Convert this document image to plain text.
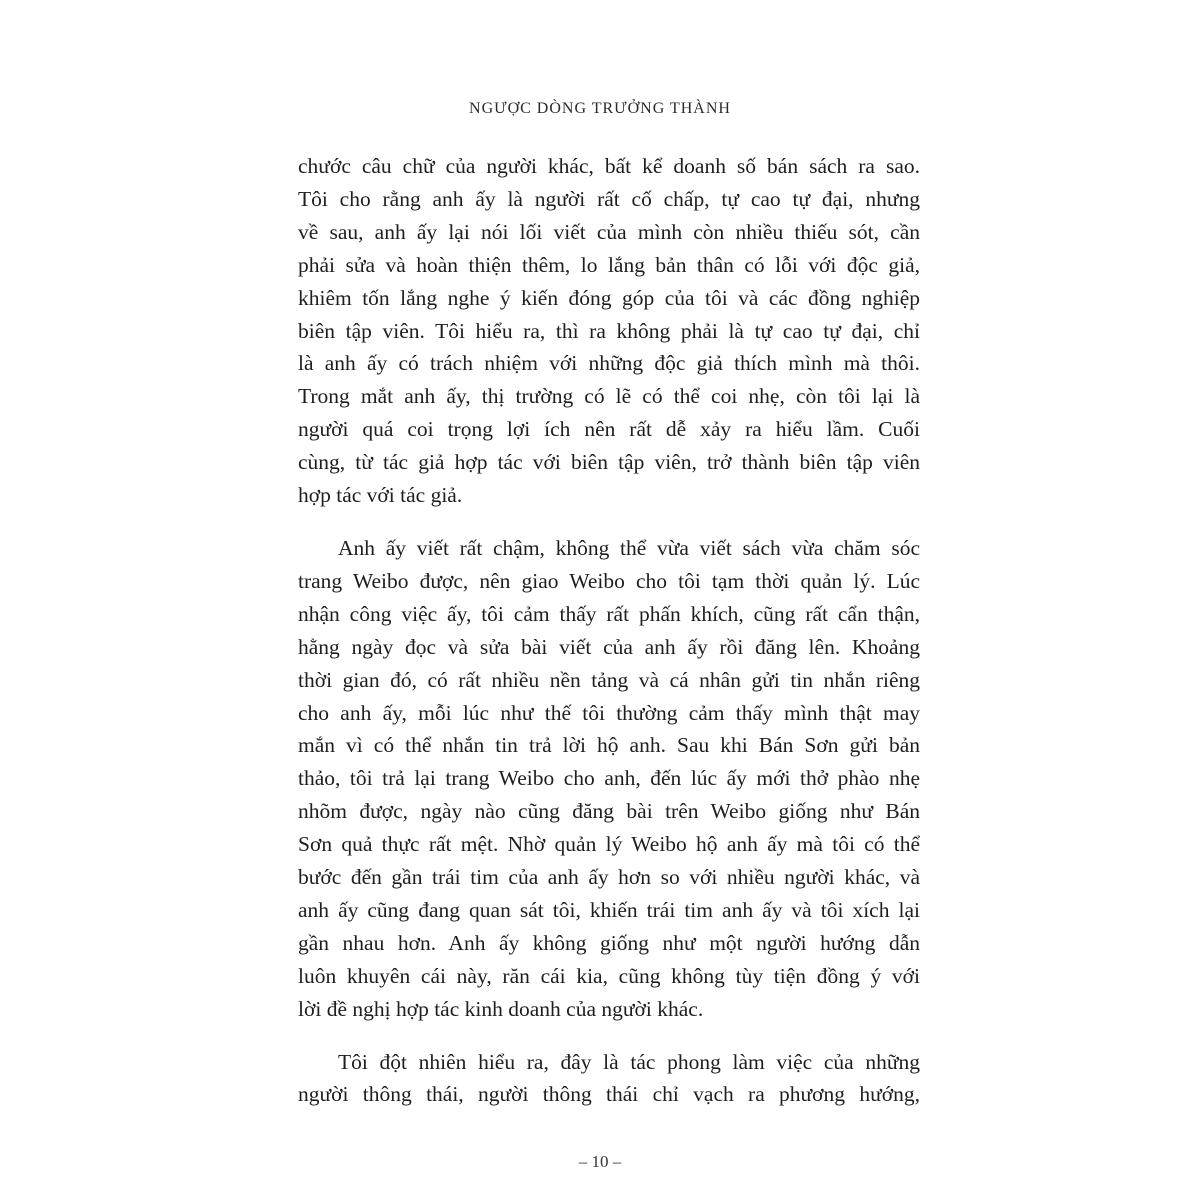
NGƯỢC DÒNG TRƯỞNG THÀNH

chước câu chữ của người khác, bất kể doanh số bán sách ra sao.
Tôi cho rằng anh ấy là người rất cố chấp, tự cao tự đại, nhưng
về sau, anh ấy lại nói lối viết của mình còn nhiều thiếu sót, cần
phải sửa và hoàn thiện thêm, lo lắng bản thân có lỗi với độc giả,
khiêm tốn lắng nghe ý kiến đóng góp của tôi và các đồng nghiệp
biên tập viên. Tôi hiểu ra, thì ra không phải là tự cao tự đại, chỉ
là anh ấy có trách nhiệm với những độc giả thích mình mà thôi.
Trong mắt anh ấy, thị trường có lẽ có thể coi nhẹ, còn tôi lại là
người quá coi trọng lợi ích nên rất dễ xảy ra hiểu lầm. Cuối
cùng, từ tác giả hợp tác với biên tập viên, trở thành biên tập viên
hợp tác với tác giả.

Anh ấy viết rất chậm, không thể vừa viết sách vừa chăm sóc
trang Weibo được, nên giao Weibo cho tôi tạm thời quản lý. Lúc
nhận công việc ấy, tôi cảm thấy rất phấn khích, cũng rất cẩn thận,
hằng ngày đọc và sửa bài viết của anh ấy rồi đăng lên. Khoảng
thời gian đó, có rất nhiều nền tảng và cá nhân gửi tin nhắn riêng
cho anh ấy, mỗi lúc như thế tôi thường cảm thấy mình thật may
mắn vì có thể nhắn tin trả lời hộ anh. Sau khi Bán Sơn gửi bản
thảo, tôi trả lại trang Weibo cho anh, đến lúc ấy mới thở phào nhẹ
nhõm được, ngày nào cũng đăng bài trên Weibo giống như Bán
Sơn quả thực rất mệt. Nhờ quản lý Weibo hộ anh ấy mà tôi có thể
bước đến gần trái tim của anh ấy hơn so với nhiều người khác, và
anh ấy cũng đang quan sát tôi, khiến trái tim anh ấy và tôi xích lại
gần nhau hơn. Anh ấy không giống như một người hướng dẫn
luôn khuyên cái này, răn cái kia, cũng không tùy tiện đồng ý với
lời đề nghị hợp tác kinh doanh của người khác.

Tôi đột nhiên hiểu ra, đây là tác phong làm việc của những
người thông thái, người thông thái chỉ vạch ra phương hướng,

– 10 –
